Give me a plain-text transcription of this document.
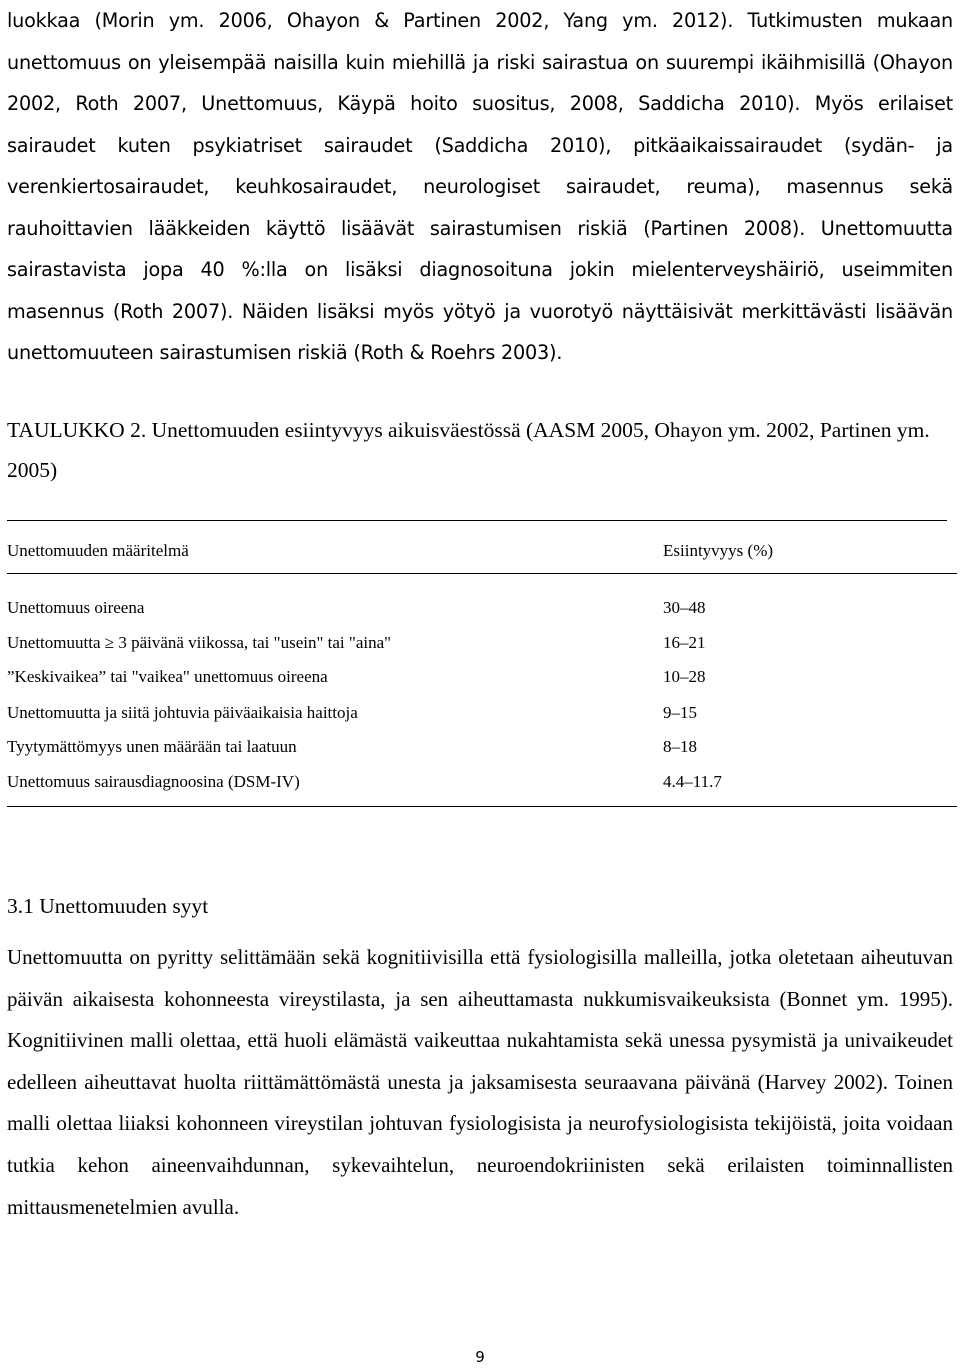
luokkaa (Morin ym. 2006, Ohayon & Partinen 2002, Yang ym. 2012). Tutkimusten mukaan unettomuus on yleisempää naisilla kuin miehillä ja riski sairastua on suurempi ikäihmisillä (Ohayon 2002, Roth 2007, Unettomuus, Käypä hoito suositus, 2008, Saddicha 2010). Myös erilaiset sairaudet kuten psykiatriset sairaudet (Saddicha 2010), pitkäaikaissairaudet (sydän- ja verenkiertosairaudet, keuhkosairaudet, neurologiset sairaudet, reuma), masennus sekä rauhoittavien lääkkeiden käyttö lisäävät sairastumisen riskiä (Partinen 2008). Unettomuutta sairastavista jopa 40 %:lla on lisäksi diagnosoituna jokin mielenterveyshäiriö, useimmiten masennus (Roth 2007). Näiden lisäksi myös yötyö ja vuorotyö näyttäisivät merkittävästi lisäävän unettomuuteen sairastumisen riskiä (Roth & Roehrs 2003).

TAULUKKO 2. Unettomuuden esiintyvyys aikuisväestössä (AASM 2005, Ohayon ym. 2002, Partinen ym. 2005)
Unettomuuden määritelmä	Esiintyvyys (%)
Unettomuus oireena	30–48
Unettomuutta ≥ 3 päivänä viikossa, tai "usein" tai "aina"	16–21
”Keskivaikea” tai "vaikea" unettomuus oireena	10–28
Unettomuutta ja siitä johtuvia päiväaikaisia haittoja	9–15
Tyytymättömyys unen määrään tai laatuun	8–18
Unettomuus sairausdiagnoosina (DSM-IV)	4.4–11.7
3.1 Unettomuuden syyt

Unettomuutta on pyritty selittämään sekä kognitiivisilla että fysiologisilla malleilla, jotka oletetaan aiheutuvan päivän aikaisesta kohonneesta vireystilasta, ja sen aiheuttamasta nukkumisvaikeuksista (Bonnet ym. 1995). Kognitiivinen malli olettaa, että huoli elämästä vaikeuttaa nukahtamista sekä unessa pysymistä ja univaikeudet edelleen aiheuttavat huolta riittämättömästä unesta ja jaksamisesta seuraavana päivänä (Harvey 2002). Toinen malli olettaa liiaksi kohonneen vireystilan johtuvan fysiologisista ja neurofysiologisista tekijöistä, joita voidaan tutkia kehon aineenvaihdunnan, sykevaihtelun, neuroendokriinisten sekä erilaisten toiminnallisten mittausmenetelmien avulla.

9
